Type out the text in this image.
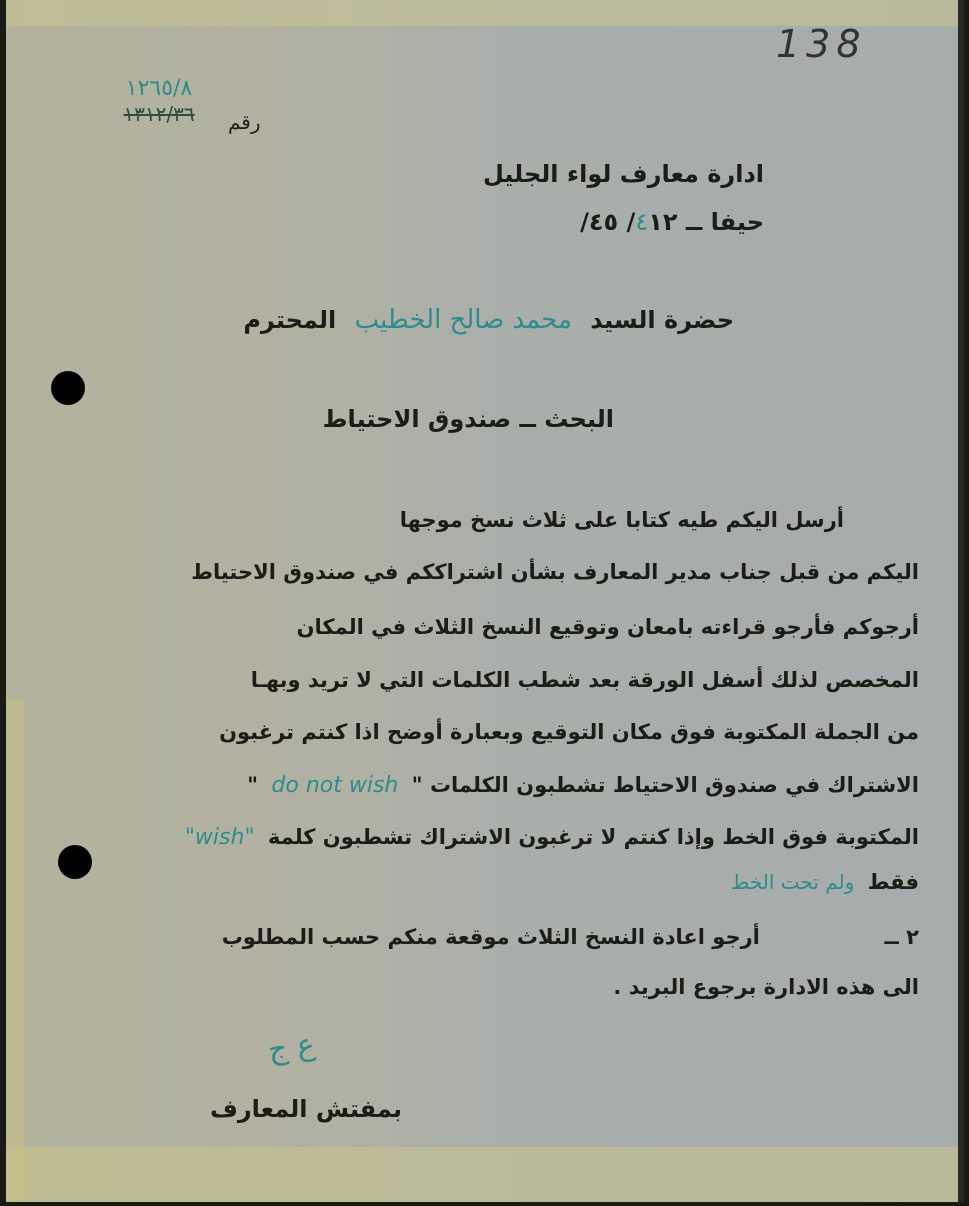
138
١٢٦٥/٨
١٣١٢/٣٦	رقم
ادارة معارف لواء الجليل
حيفا ــ ٤١٢/ ٤٥/
حضرة السيد محمد صالح الخطيب المحترم
البحث ــ صندوق الاحتياط
أرسل اليكم طيه كتابا على ثلاث نسخ موجها
اليكم من قبل جناب مدير المعارف بشأن اشتراككم في صندوق الاحتياط
أرجوكم فأرجو قراءته بامعان وتوقيع النسخ الثلاث في المكان
المخصص لذلك أسفل الورقة بعد شطب الكلمات التي لا تريد وبهـا
من الجملة المكتوبة فوق مكان التوقيع وبعبارة أوضح اذا كنتم ترغبون
الاشتراك في صندوق الاحتياط تشطبون الكلمات " do not wish "
المكتوبة فوق الخط وإذا كنتم لا ترغبون الاشتراك تشطبون كلمة "wish"
فقط ولم تحت الخط
٢ ــ  أرجو اعادة النسخ الثلاث موقعة منكم حسب المطلوب
الى هذه الادارة برجوع البريد .
ع ج
بمفتش المعارف
